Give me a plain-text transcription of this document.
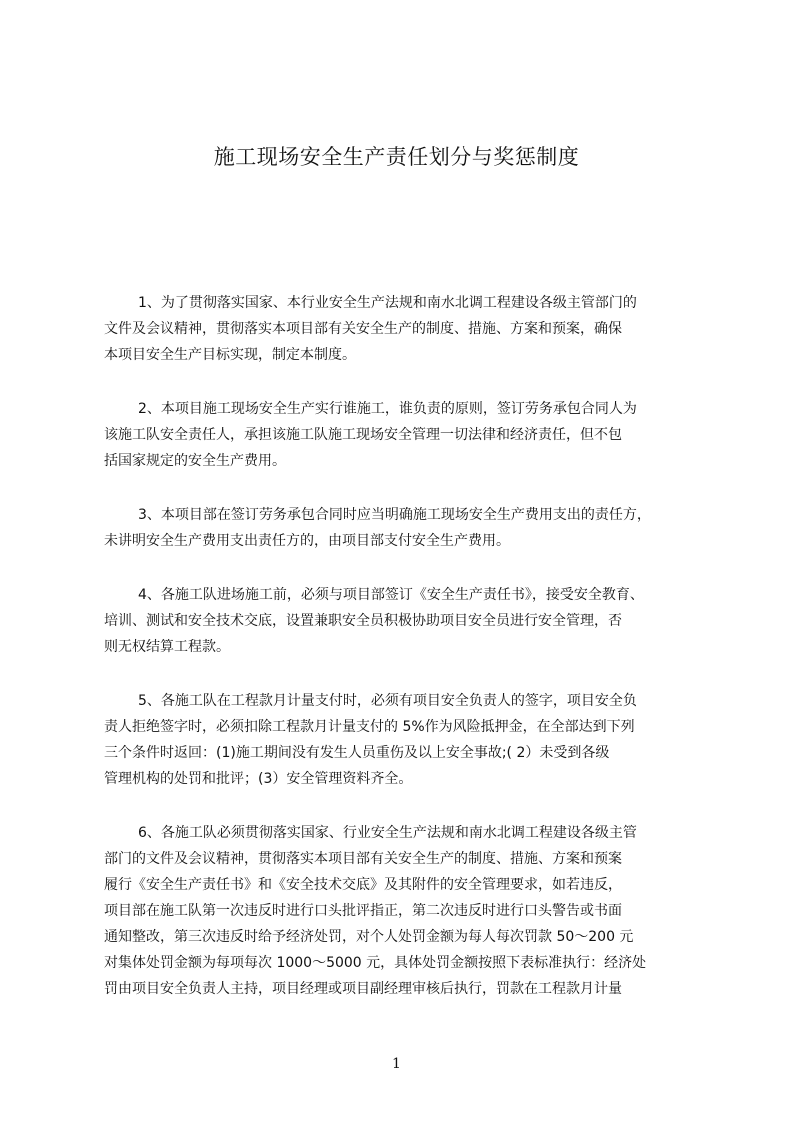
施工现场安全生产责任划分与奖惩制度
1、为了贯彻落实国家、本行业安全生产法规和南水北调工程建设各级主管部门的
文件及会议精神，贯彻落实本项目部有关安全生产的制度、措施、方案和预案，确保
本项目安全生产目标实现，制定本制度。
2、本项目施工现场安全生产实行谁施工，谁负责的原则，签订劳务承包合同人为
该施工队安全责任人，承担该施工队施工现场安全管理一切法律和经济责任，但不包
括国家规定的安全生产费用。
3、本项目部在签订劳务承包合同时应当明确施工现场安全生产费用支出的责任方，
未讲明安全生产费用支出责任方的，由项目部支付安全生产费用。
4、各施工队进场施工前，必须与项目部签订《安全生产责任书》，接受安全教育、
培训、测试和安全技术交底，设置兼职安全员积极协助项目安全员进行安全管理，否
则无权结算工程款。
5、各施工队在工程款月计量支付时，必须有项目安全负责人的签字，项目安全负
责人拒绝签字时，必须扣除工程款月计量支付的 5%作为风险抵押金，在全部达到下列
三个条件时返回：(1)施工期间没有发生人员重伤及以上安全事故;( 2）未受到各级
管理机构的处罚和批评；(3）安全管理资料齐全。
6、各施工队必须贯彻落实国家、行业安全生产法规和南水北调工程建设各级主管
部门的文件及会议精神，贯彻落实本项目部有关安全生产的制度、措施、方案和预案
履行《安全生产责任书》和《安全技术交底》及其附件的安全管理要求，如若违反，
项目部在施工队第一次违反时进行口头批评指正，第二次违反时进行口头警告或书面
通知整改，第三次违反时给予经济处罚，对个人处罚金额为每人每次罚款 50～200 元
对集体处罚金额为每项每次 1000～5000 元，具体处罚金额按照下表标准执行：经济处
罚由项目安全负责人主持，项目经理或项目副经理审核后执行，罚款在工程款月计量
1
